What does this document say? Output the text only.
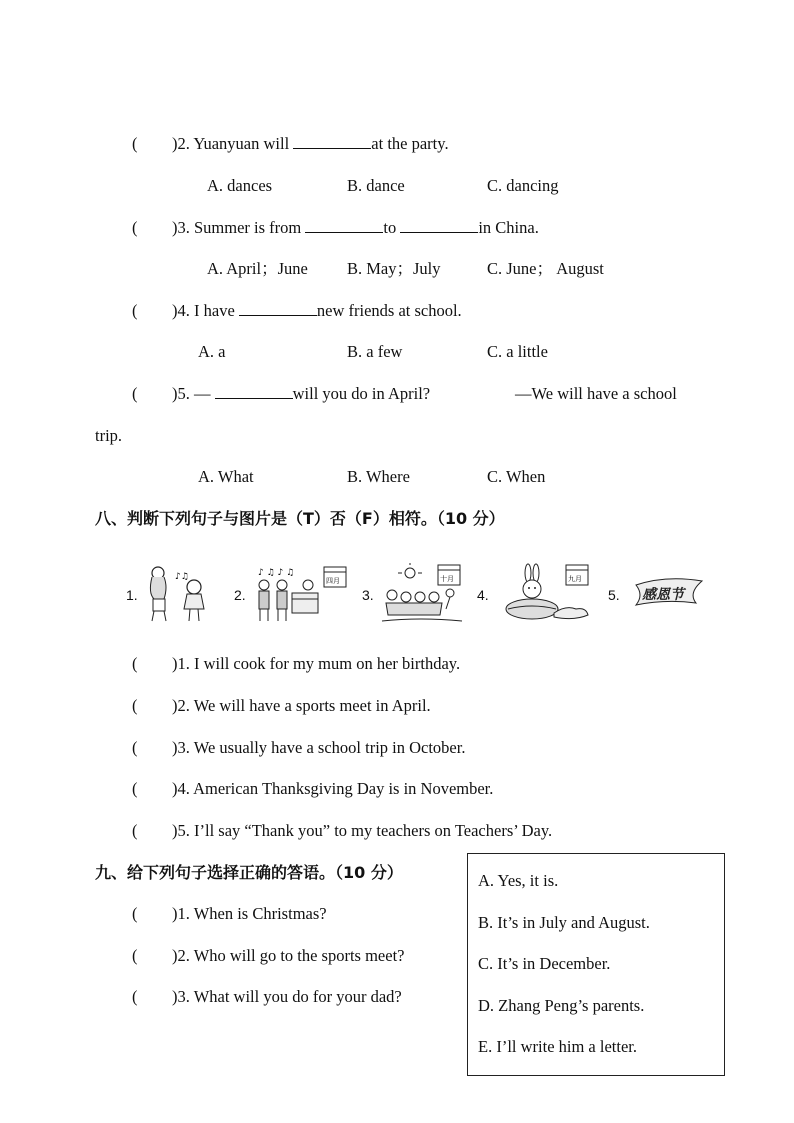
( )2. Yuanyuan will	at the party.
A. dances	B. dance	C. dancing
( )3. Summer is from	to	in China.
A. April；June B. May；July	C. June； August
( )4. I have	new friends at school.
A. a	B. a few	C. a little
( )5. —	will you do in April?	—We will have a school
trip.
A. What	B. Where	C. When
八、判断下列句子与图片是（T）否（F）相符。（10 分）
1.
♪♫
2.
♪ ♫ ♪ ♫
四月
3.
十月
4.
九月
5. 感恩节
( )1. I will cook for my mum on her birthday.
( )2. We will have a sports meet in April.
( )3. We usually have a school trip in October.
( )4. American Thanksgiving Day is in November.
( )5. I’ll say “Thank you” to my teachers on Teachers’ Day.
九、给下列句子选择正确的答语。（10 分）
( )1. When is Christmas?
( )2. Who will go to the sports meet?
( )3. What will you do for your dad?
A. Yes, it is.
B. It’s in July and August.
C. It’s in December.
D. Zhang Peng’s parents.
E. I’ll write him a letter.
